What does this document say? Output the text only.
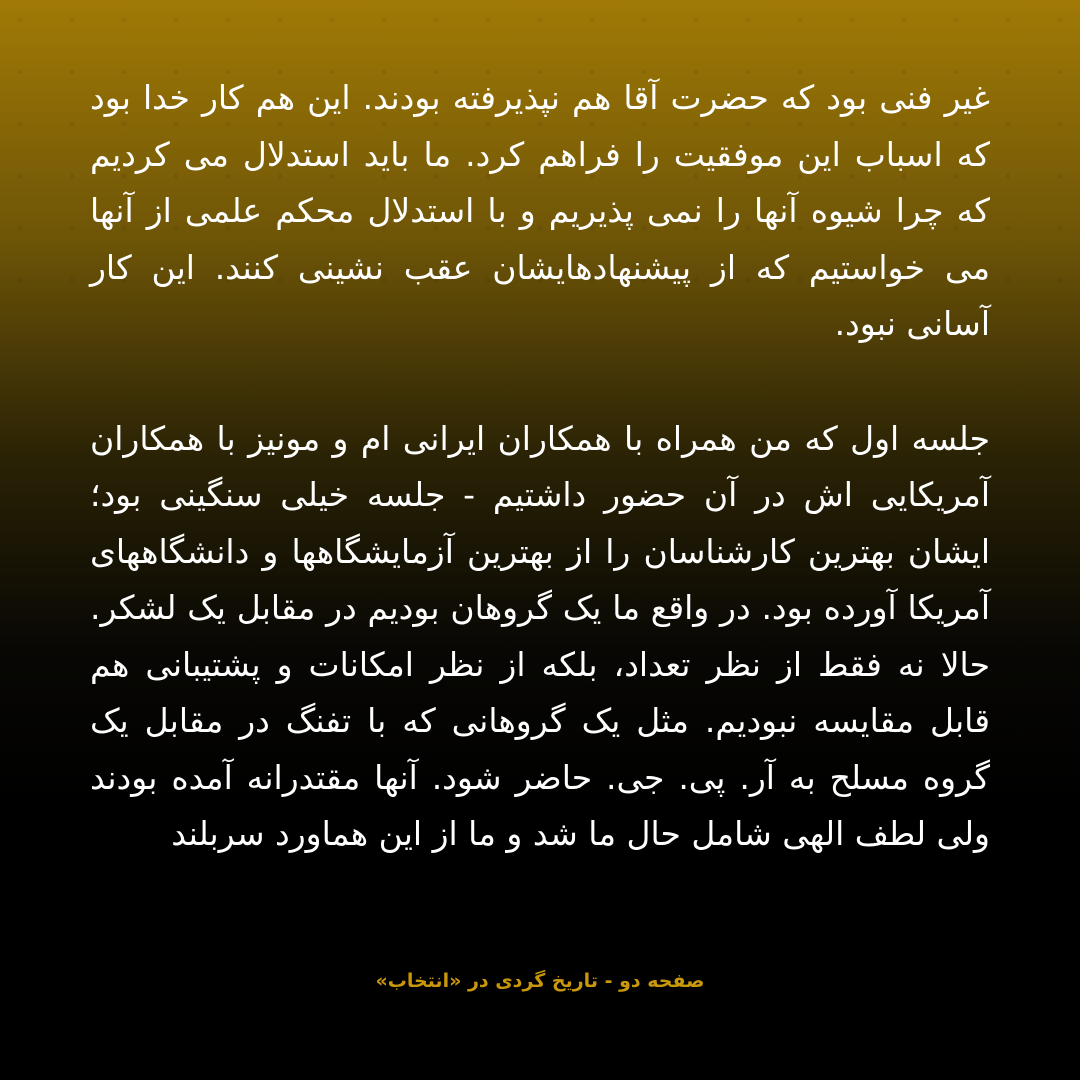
غیر فنی بود که حضرت آقا هم نپذیرفته بودند. این هم کار خدا بود که اسباب این موفقیت را فراهم کرد. ما باید استدلال می کردیم که چرا شیوه آنها را نمی پذیریم و با استدلال محکم علمی از آنها می خواستیم که از پیشنهادهایشان عقب نشینی کنند. این کار آسانی نبود.

جلسه اول که من همراه با همکاران ایرانی ام و مونیز با همکاران آمریکایی اش در آن حضور داشتیم - جلسه خیلی سنگینی بود؛ ایشان بهترین کارشناسان را از بهترین آزمایشگاهها و دانشگاههای آمریکا آورده بود. در واقع ما یک گروهان بودیم در مقابل یک لشکر. حالا نه فقط از نظر تعداد، بلکه از نظر امکانات و پشتیبانی هم قابل مقایسه نبودیم. مثل یک گروهانی که با تفنگ در مقابل یک گروه مسلح به آر. پی. جی. حاضر شود. آنها مقتدرانه آمده بودند ولی لطف الهی شامل حال ما شد و ما از این هماورد سربلند

صفحه دو - تاریخ گردی در «انتخاب»
